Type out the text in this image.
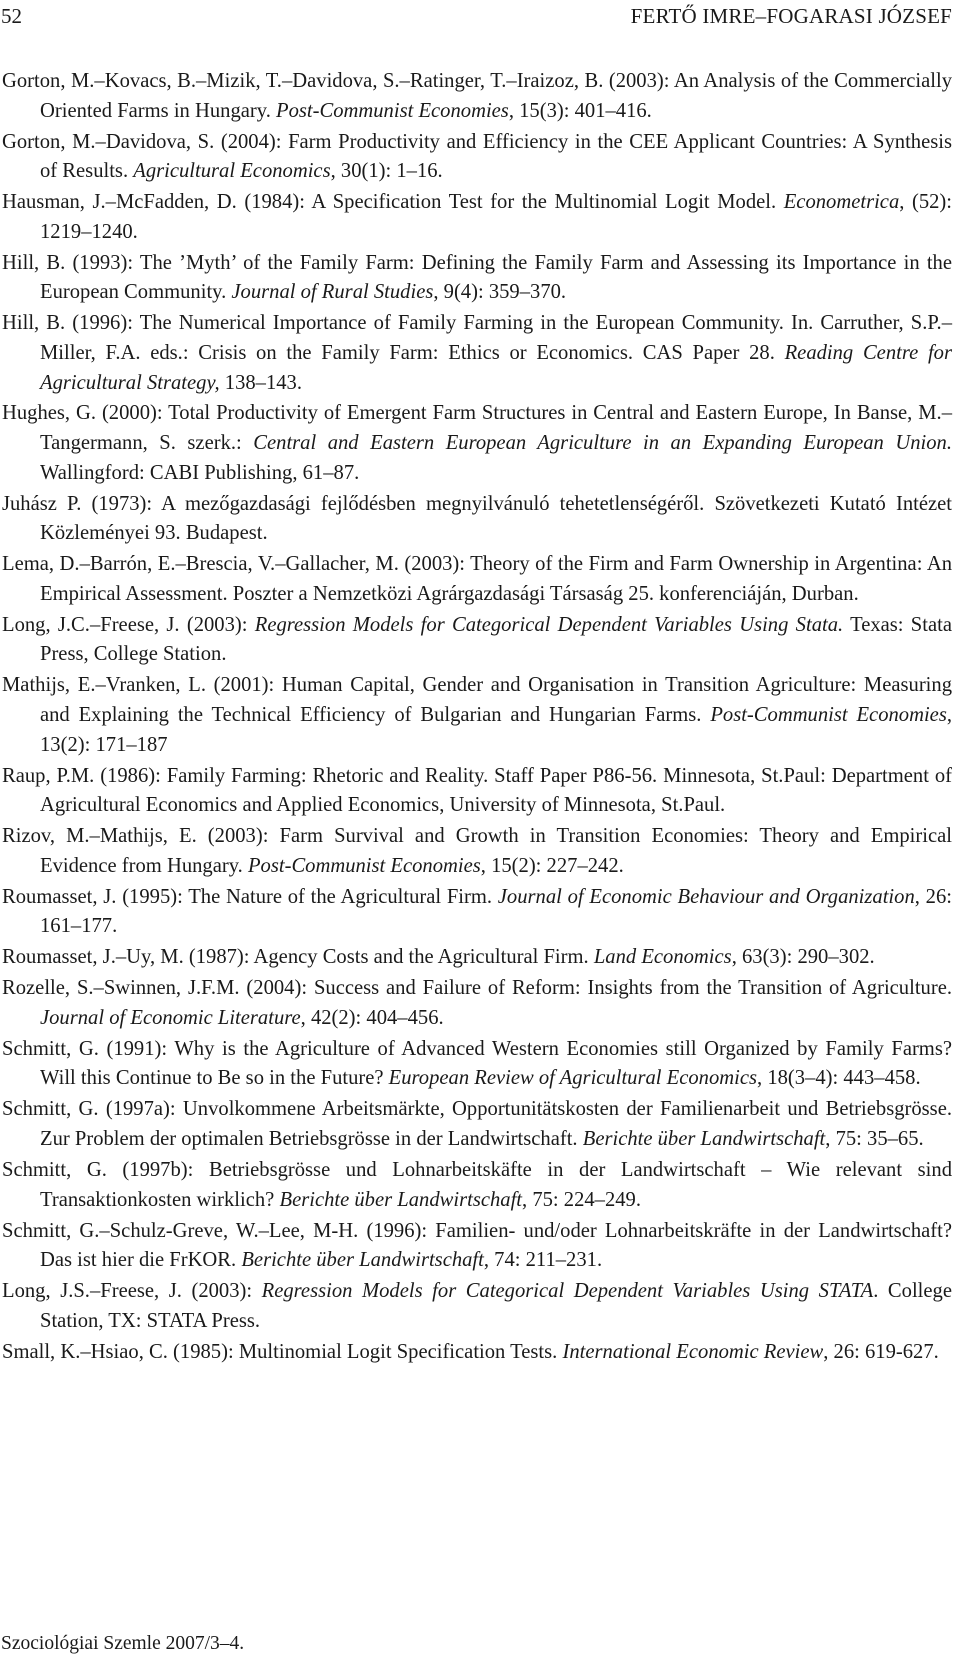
52	FERTŐ IMRE–FOGARASI JÓZSEF
Gorton, M.–Kovacs, B.–Mizik, T.–Davidova, S.–Ratinger, T.–Iraizoz, B. (2003): An Analysis of the Commercially Oriented Farms in Hungary. Post-Communist Economies, 15(3): 401–416.
Gorton, M.–Davidova, S. (2004): Farm Productivity and Efficiency in the CEE Applicant Countries: A Synthesis of Results. Agricultural Economics, 30(1): 1–16.
Hausman, J.–McFadden, D. (1984): A Specification Test for the Multinomial Logit Model. Econometrica, (52): 1219–1240.
Hill, B. (1993): The ’Myth’ of the Family Farm: Defining the Family Farm and Assessing its Importance in the European Community. Journal of Rural Studies, 9(4): 359–370.
Hill, B. (1996): The Numerical Importance of Family Farming in the European Community. In. Carruther, S.P.– Miller, F.A. eds.: Crisis on the Family Farm: Ethics or Economics. CAS Paper 28. Reading Centre for Agricultural Strategy, 138–143.
Hughes, G. (2000): Total Productivity of Emergent Farm Structures in Central and Eastern Europe, In Banse, M.–Tangermann, S. szerk.: Central and Eastern European Agriculture in an Expanding European Union. Wallingford: CABI Publishing, 61–87.
Juhász P. (1973): A mezőgazdasági fejlődésben megnyilvánuló tehetetlenségéről. Szövetkezeti Kutató Intézet Közleményei 93. Budapest.
Lema, D.–Barrón, E.–Brescia, V.–Gallacher, M. (2003): Theory of the Firm and Farm Ownership in Argentina: An Empirical Assessment. Poszter a Nemzetközi Agrárgazdasági Társaság 25. konferenciáján, Durban.
Long, J.C.–Freese, J. (2003): Regression Models for Categorical Dependent Variables Using Stata. Texas: Stata Press, College Station.
Mathijs, E.–Vranken, L. (2001): Human Capital, Gender and Organisation in Transition Agriculture: Measuring and Explaining the Technical Efficiency of Bulgarian and Hungarian Farms. Post-Communist Economies, 13(2): 171–187
Raup, P.M. (1986): Family Farming: Rhetoric and Reality. Staff Paper P86-56. Minnesota, St.Paul: Department of Agricultural Economics and Applied Economics, University of Minnesota, St.Paul.
Rizov, M.–Mathijs, E. (2003): Farm Survival and Growth in Transition Economies: Theory and Empirical Evidence from Hungary. Post-Communist Economies, 15(2): 227–242.
Roumasset, J. (1995): The Nature of the Agricultural Firm. Journal of Economic Behaviour and Organization, 26: 161–177.
Roumasset, J.–Uy, M. (1987): Agency Costs and the Agricultural Firm. Land Economics, 63(3): 290–302.
Rozelle, S.–Swinnen, J.F.M. (2004): Success and Failure of Reform: Insights from the Transition of Agriculture. Journal of Economic Literature, 42(2): 404–456.
Schmitt, G. (1991): Why is the Agriculture of Advanced Western Economies still Organized by Family Farms? Will this Continue to Be so in the Future? European Review of Agricultural Economics, 18(3–4): 443–458.
Schmitt, G. (1997a): Unvolkommene Arbeitsmärkte, Opportunitätskosten der Familienarbeit und Betriebsgrösse. Zur Problem der optimalen Betriebsgrösse in der Landwirtschaft. Berichte über Landwirtschaft, 75: 35–65.
Schmitt, G. (1997b): Betriebsgrösse und Lohnarbeitskäfte in der Landwirtschaft – Wie relevant sind Transaktionkosten wirklich? Berichte über Landwirtschaft, 75: 224–249.
Schmitt, G.–Schulz-Greve, W.–Lee, M-H. (1996): Familien- und/oder Lohnarbeitskräfte in der Landwirtschaft? Das ist hier die FrKOR. Berichte über Landwirtschaft, 74: 211–231.
Long, J.S.–Freese, J. (2003): Regression Models for Categorical Dependent Variables Using STATA. College Station, TX: STATA Press.
Small, K.–Hsiao, C. (1985): Multinomial Logit Specification Tests. International Economic Review, 26: 619-627.
Szociológiai Szemle 2007/3–4.
